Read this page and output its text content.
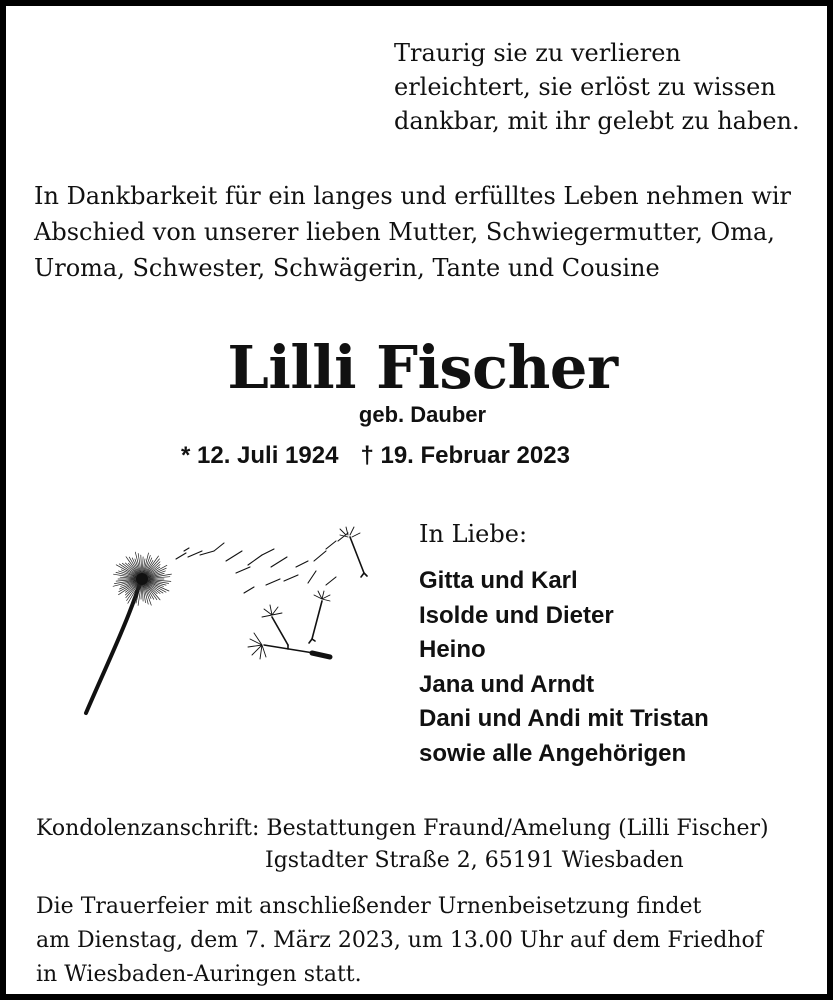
Traurig sie zu verlieren
erleichtert, sie erlöst zu wissen
dankbar, mit ihr gelebt zu haben.
In Dankbarkeit für ein langes und erfülltes Leben nehmen wir
Abschied von unserer lieben Mutter, Schwiegermutter, Oma,
Uroma, Schwester, Schwägerin, Tante und Cousine
Lilli Fischer
geb. Dauber
* 12. Juli 1924 † 19. Februar 2023
In Liebe:
Gitta und Karl
Isolde und Dieter
Heino
Jana und Arndt
Dani und Andi mit Tristan
sowie alle Angehörigen
Kondolenzanschrift: Bestattungen Fraund/Amelung (Lilli Fischer)
Igstadter Straße 2, 65191 Wiesbaden
Die Trauerfeier mit anschließender Urnenbeisetzung findet
am Dienstag, dem 7. März 2023, um 13.00 Uhr auf dem Friedhof
in Wiesbaden-Auringen statt.
